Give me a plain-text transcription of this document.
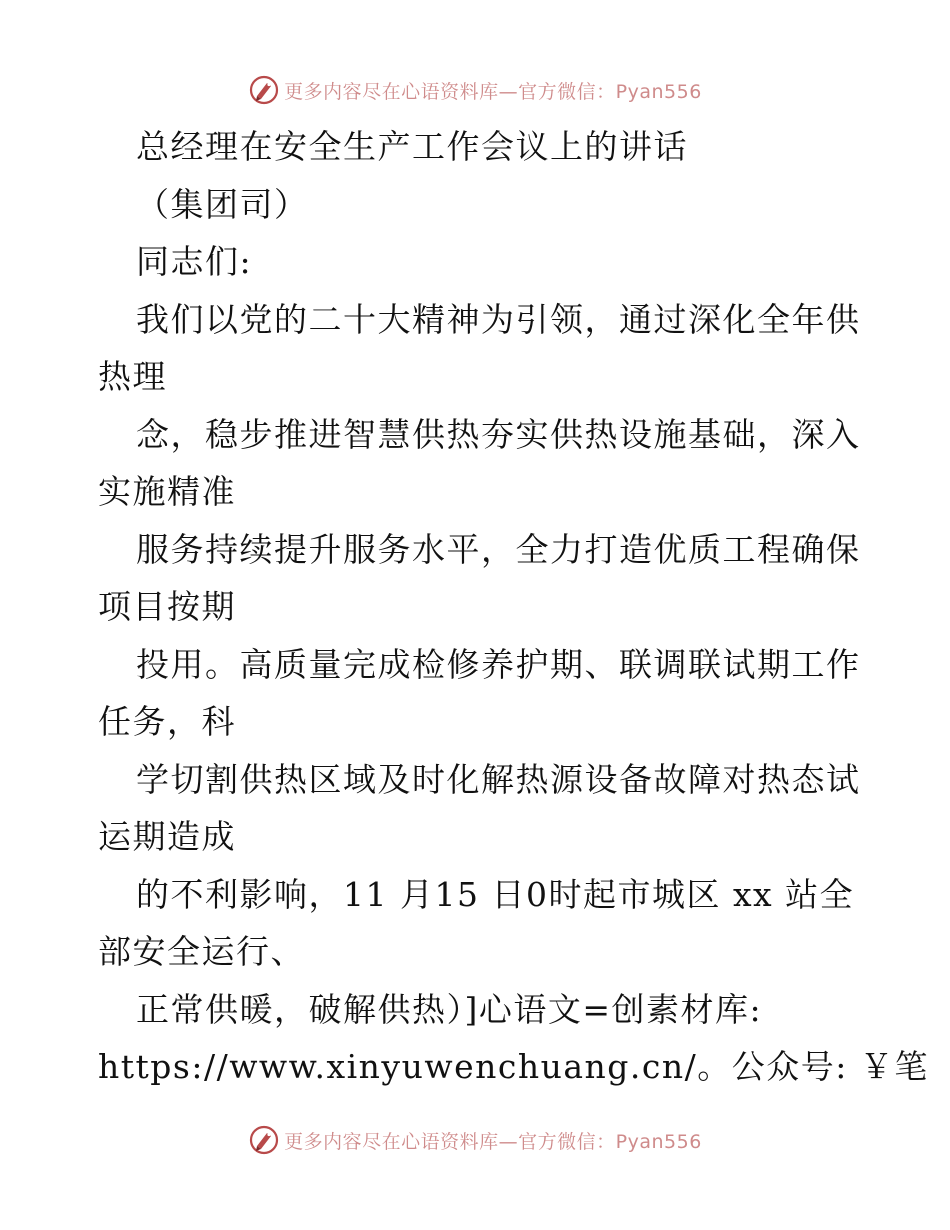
更多内容尽在心语资料库—官方微信：Pyan556
总经理在安全生产工作会议上的讲话
（集团司）
同志们:
我们以党的二十大精神为引领，通过深化全年供
热理
念，稳步推进智慧供热夯实供热设施基础，深入
实施精准
服务持续提升服务水平，全力打造优质工程确保
项目按期
投用。高质量完成检修养护期、联调联试期工作
任务，科
学切割供热区域及时化解热源设备故障对热态试
运期造成
的不利影响，11 月15 日0时起市城区 xx 站全
部安全运行、
正常供暖，破解供热）]心语文=创素材库:
https://www.xinyuwenchuang.cn/。公众号: ￥笔
更多内容尽在心语资料库—官方微信：Pyan556
